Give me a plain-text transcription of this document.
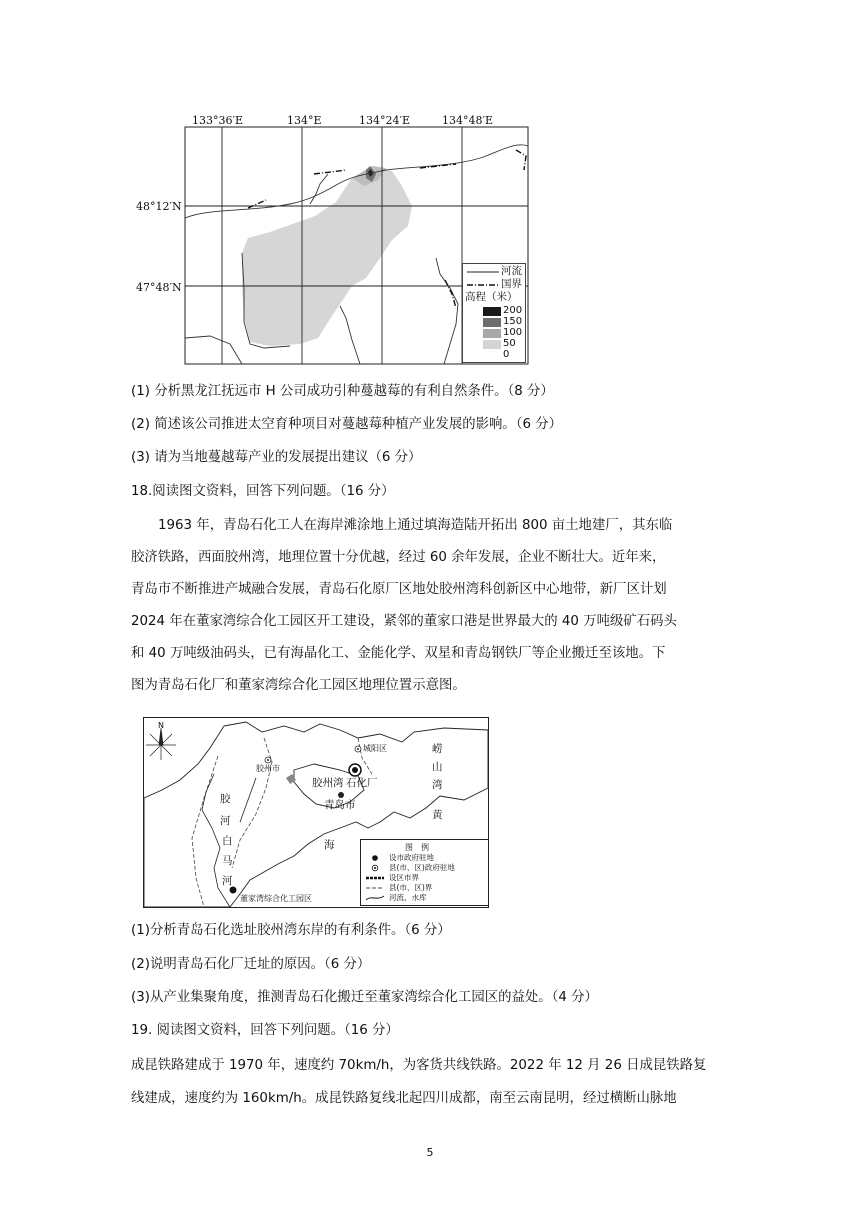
133°36′E	134°E	134°24′E	134°48′E
48°12′N
47°48′N
河流
国界
高程（米）
200
150
100
50
0
(1) 分析黑龙江抚远市 H 公司成功引种蔓越莓的有利自然条件。（8 分）
(2) 简述该公司推进太空育种项目对蔓越莓种植产业发展的影响。（6 分）
(3) 请为当地蔓越莓产业的发展提出建议（6 分）
18.阅读图文资料，回答下列问题。（16 分）
1963 年，青岛石化工人在海岸滩涂地上通过填海造陆开拓出 800 亩土地建厂，其东临
胶济铁路，西面胶州湾，地理位置十分优越，经过 60 余年发展，企业不断壮大。近年来，
青岛市不断推进产城融合发展，青岛石化原厂区地处胶州湾科创新区中心地带，新厂区计划
2024 年在董家湾综合化工园区开工建设，紧邻的董家口港是世界最大的 40 万吨级矿石码头
和 40 万吨级油码头，已有海晶化工、金能化学、双星和青岛钢铁厂等企业搬迁至该地。下
图为青岛石化厂和董家湾综合化工园区地理位置示意图。
N
胶州市
城阳区
胶州湾 石化厂
青岛市
崂
山
湾
黄
海
胶
河
白
马
河
董家湾综合化工园区
图例
设市政府驻地
县(市、区)政府驻地
设区市界
县(市、区)界
河流、水库
(1)分析青岛石化选址胶州湾东岸的有利条件。（6 分）
(2)说明青岛石化厂迁址的原因。（6 分）
(3)从产业集聚角度，推测青岛石化搬迁至董家湾综合化工园区的益处。（4 分）
19. 阅读图文资料，回答下列问题。（16 分）
成昆铁路建成于 1970 年，速度约 70km/h，为客货共线铁路。2022 年 12 月 26 日成昆铁路复
线建成，速度约为 160km/h。成昆铁路复线北起四川成都，南至云南昆明，经过横断山脉地
5
